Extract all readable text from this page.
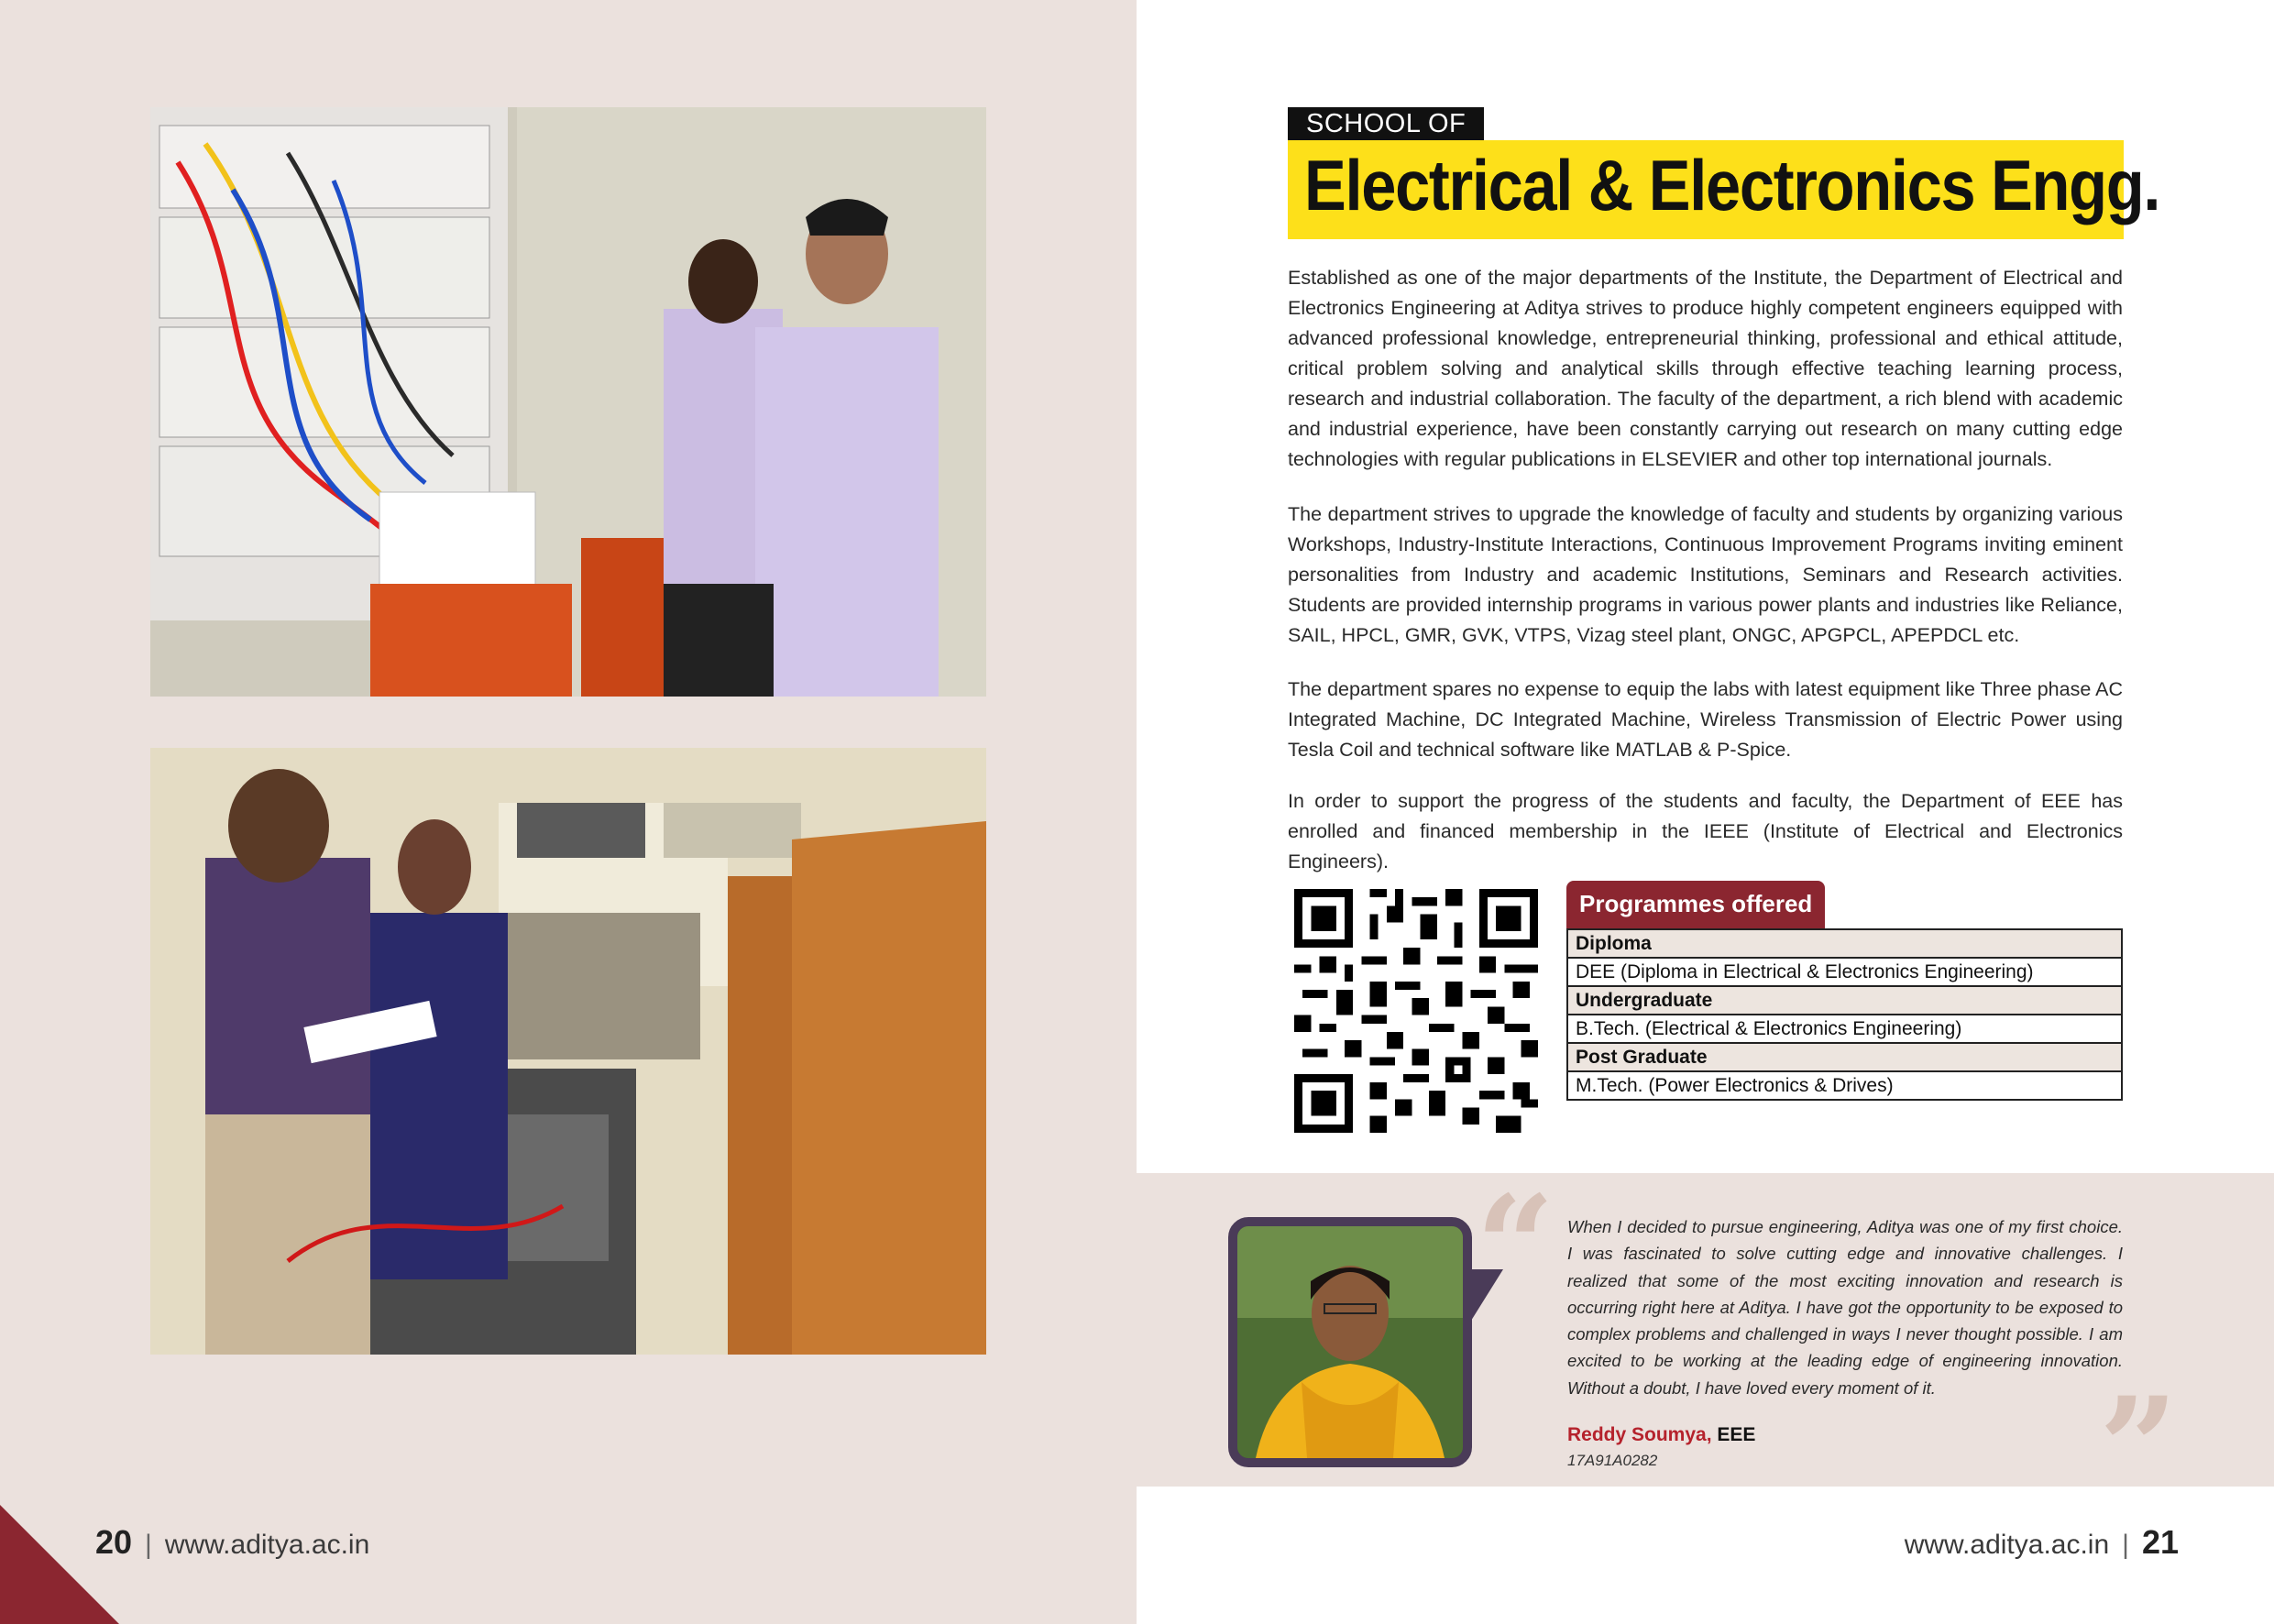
20 | www.aditya.ac.in
SCHOOL OF
Electrical & Electronics Engg.
Established as one of the major departments of the Institute, the Department of Electrical and Electronics Engineering at Aditya strives to produce highly competent engineers equipped with advanced professional knowledge, entrepreneurial thinking, professional and ethical attitude, critical problem solving and analytical skills through effective teaching learning process, research and industrial collaboration. The faculty of the department, a rich blend with academic and industrial experience, have been constantly carrying out research on many cutting edge technologies with regular publications in ELSEVIER and other top international journals.
The department strives to upgrade the knowledge of faculty and students by organizing various Workshops, Industry-Institute Interactions, Continuous Improvement Programs inviting eminent personalities from Industry and academic Institutions, Seminars and Research activities. Students are provided internship programs in various power plants and industries like Reliance, SAIL, HPCL, GMR, GVK, VTPS, Vizag steel plant, ONGC, APGPCL, APEPDCL etc.
The department spares no expense to equip the labs with latest equipment like Three phase AC Integrated Machine, DC Integrated Machine, Wireless Transmission of Electric Power using Tesla Coil and technical software like MATLAB & P-Spice.
In order to support the progress of the students and faculty, the Department of EEE has enrolled and financed membership in the IEEE (Institute of Electrical and Electronics Engineers).
Programmes offered
Diploma
DEE (Diploma in Electrical & Electronics Engineering)
Undergraduate
B.Tech. (Electrical & Electronics Engineering)
Post Graduate
M.Tech. (Power Electronics & Drives)
“ When I decided to pursue engineering, Aditya was one of my first choice. I was fascinated to solve cutting edge and innovative challenges. I realized that some of the most exciting innovation and research is occurring right here at Aditya. I have got the opportunity to be exposed to complex problems and challenged in ways I never thought possible. I am excited to be working at the leading edge of engineering innovation. Without a doubt, I have loved every moment of it.
Reddy Soumya, EEE
17A91A0282	”
www.aditya.ac.in | 21
